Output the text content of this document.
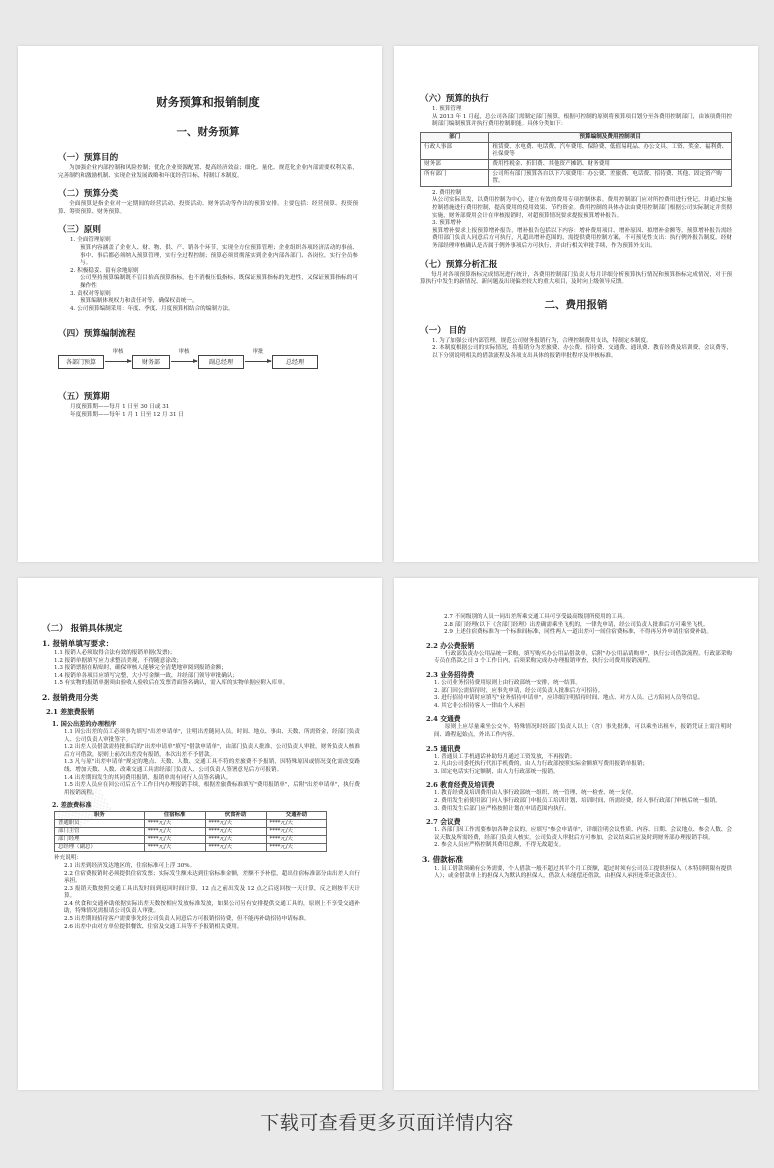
财务预算和报销制度
一、财务预算
（一）预算目的

为加强企业内部控制和风险控制；优化企业资源配置、提高经济效益；细化、量化、规范化企业内部需要权利关系，完善制约和激励机制、实现企业发展战略和年度经营目标，特制订本制度。

（二）预算分类

全面预算是指企业对一定期间的经营活动、投资活动、财务活动等作出的预算安排。主要包括：经营预算、投资预算、筹资预算、财务预算。

（三）原则

1. 全面管理原则

预算内容涵盖了企业人、财、物、供、产、销各个环节，实现全方位预算管理；企业组织各项经济活动的事前、事中、事后都必须纳入预算管理，实行全过程控制；预算必须贯彻落实到企业内部各部门、各岗位，实行全员参与。

2. 积极稳妥、留有余地原则

公司坚持预算编制既不盲目抬高预算指标，也不消极压低指标，既保证预算指标的先进性，又保证预算指标的可操作性

3. 责权对等原则

预算编制体现权力和责任对等，确保权责统一。

4. 公司预算编制采用：年度、季度、月度预算相结合的编制方法。

（四）预算编制流程
各部门预算
审核
财务部
审核
副总经理
审批
总经理
（五）预算期

月度预算期——每月 1 日至 30 日或 31

年度预算期——每年 1 月 1 日至 12 月 31 日

（六）预算的执行

1. 预算管理

从 2013 年 1 月起，总公司各部门需制定部门预算，根据可控制的原则将预算项目划分至各费用控制部门，由该项费用控制部门编制预算并执行费用控制职能。具体分类如下：

部门	预算编制及费用控制项目
行政人事部	租赁费、水电费、电话费、汽车费用、保险费、低值易耗品、办公文具、工资、奖金、福利费、社保费等
财务部	费用性税金、折旧费、其他资产摊销、财务费用
所有部门	公司所有部门预算各自以下六项费用：办公费、差旅费、电话费、招待费、其他、固定资产购置。

2. 费用控制

从公司实际出发，以费用控制为中心，建立有效的费用专项控制体系。费用控制部门应对所控费用进行登记，并通过实施控制措施进行费用控制，提高费用的使用效果、节约资金。费用控制的具体办法由费用控制部门根据公司实际制定并贯彻实施，财务部费用会计在审核报销时，对超预算情况要求提报预算增补报告。

3. 预算增补

预算增补要求上报预算增补报告，增补报告包括以下内容：增补费用项目、增补原因、拟增补金额等。预算增补报告需经费用部门负责人同意后方可执行，凡超出增补范围的，需提供费用控制方案，不可预见性支出：执行例外报告制度，经财务部经理审核确认是否属于例外事项后方可执行，并由行相关审批手续，作为预算外支出。

（七）预算分析汇报

每月对各项预算指标完成情况进行统计，各费用控制部门负责人每月详细分析预算执行情况和预算指标完成情况，对于预算执行中发生的新情况、新问题及出现偏差较大的重大项目，及时向上级领导反馈。

二、费用报销
（一） 目的

1. 为了加强公司内部管理，规范公司财务报销行为，合理控制费用支出，特制定本制度。

2. 本制度根据公司的实际情况，将报销分为差旅费、办公费、招待费、交通费、通讯费、教育经费及培训费、会议费等，以下分别说明相关的借款流程及各项支出具体的报销审批程序及审核标准。

（二） 报销具体规定
1. 报销单填写要求：

1.1 报销人必须取得合法有效的报销单据(发票)；

1.2 报销单据填写应力求整洁美观，不得随意涂改；

1.3 报销票据在粘贴时，确保审核人能够完全清楚地审阅到报销金额；

1.4 报销单各项目应填写完整，大小写金额一致，并经部门领导审批确认；

1.5 有实物的报销单据须由验收人验收后在发票背面签名确认，需入库的实物单据应附入库单。

2. 报销费用分类
2.1 差旅费报销
1. 国公出差的办理程序

1.1 因公出差的员工必须事先填写"出差申请单"，注明出差随同人员，时间、地点、事由、天数、所需资金，经部门负责人、公司负责人审批签字。

1.2 出差人员借款需持批准后的"出差申请单"填写"借款申请单"，由部门负责人批准，公司负责人审批，财务负责人核准后方可借款，原则上前次出差没有报销，本次出差不予借款。

1.3 凡与原"出差申请单"规定的地点、天数、人数、交通工具不符的差旅费不予报销，因特殊原因或情况变化需改变路线、增加天数、人数、改乘交通工具需经部门负责人、公司负责人签署意见后方可报销。

1.4 出差期间发生的其同费用报销，报销单需有同行人员签名确认。

1.5 出差人员应在回公司后五个工作日内办理报销手续，根据差旅费标准填写"费用报销单"，后附"出差申请单"，执行费用报销流程。

2. 差旅费标准
职务	住宿标准	伙食补助	交通补助
普通职员	****元/天	****元/天	****元/天
部门主管	****元/天	****元/天	****元/天
部门经理	****元/天	****元/天	****元/天
总经理（副总）	****元/天	****元/天	****元/天

补充说明：

2.1 出差到经济发达地区的，住宿标准可上浮 30%。

2.2 住宿费报销时必须提供住宿发票；实际发生额未达到住宿标准金额，差额不予补偿，超出住宿标准部分由出差人自行承担。

2.3 报销天数按照交通工具出发时间到返回时间计算，12 点之前出发及 12 点之后返回按一天计算，反之则按半天计算。

2.4 伙食和交通补助依据实际出差天数按相应发放标准发放，如果公司另有安排提供交通工具的，原则上不享受交通补助，特殊情况需报请公司负责人审批。

2.5 出差期间招待客户需要事先经公司负责人同意后方可报销招待费，但不能再补助招待申请标准。

2.6 出差中由对方单位提供餐饮、住宿及交通工具等不予报销相关费用。

2.7 不同级别的人员一同出差所乘交通工具可享受最高级别所使用的工具。

2.8 部门经理(以下《含部门经理》出差确需乘坐飞机的，一律先申请，经公司负责人批准后方可乘坐飞机。

2.9 上述住宿费标准为一个标准间标准，同性两人一道出差可一间住宿费标准，不得再另外申请住宿费补助。

2.2 办公费报销

行政部负责办公用品统一采购，填写购买办公用品借款单，后附"办公用品请购单"，执行公司借款流程。行政部采购专员在借款之日 3 个工作日内，后须采购完成办办理报销审查，执行公司费用报销流程。

2.3 业务招待费

1. 公司业务招待费用原则上由行政部统一安排，统一结算。

2. 部门因公需招待时，应事先申请，经公司负责人批准后方可招待。

3. 进行招待申请时应填写"业务招待申请单"，应详细注明招待时间、地点、对方人员、己方陪同人员等信息。

4. 其它非公招待客人一律由个人承担

2.4 交通费

原则上应尽量乘坐公交车，特殊情况时经部门负责人以上（含）事先批准，可以乘坐出租车，报销凭证上需注明时间、路程起始点，外出工作内容。

2.5 通讯费

1. 普通员工手机通话补助每月通过工资发放，不再报销；

2. 凡由公司委托执行代扣手机费的，由人力行政部按照实际金额填写费用报销单报销；

3. 固定电话实行定额制，由人力行政部统一报销。

2.6 教育经费及培训费

1. 教育经费及培训费用由人事行政部统一组织、统一管理、统一检查、统一支付。

2. 费用发生前使用部门向人事行政部门申报员工培训计划、培训时间、所需经费，经人事行政部门审核后统一报销。

3. 费用发生后部门应严格按照计划在申请范围内执行。

2.7 会议费

1. 各部门因工作需要参加各种会议的，应填写"参会申请单"，详细注明会议性质、内容、日期、会议地点、参会人数、会议天数及所需经费，经部门负责人核实，公司负责人审批后方可参加，会议结束后应及时到财务部办理报销手续。

2. 参会人员应严格控制其费用总额，不得无故超支。

3. 借款标准

1. 员工借款须确有公务需要，个人借款一般不超过其半个月工资额，超过时须有公司员工提供担保人（本特别明限有提供人）；或金借款单上的担保人为默认的担保人，借款人未能偿还借款，由担保人承担连带还款责任）。

下载可查看更多页面详情内容
